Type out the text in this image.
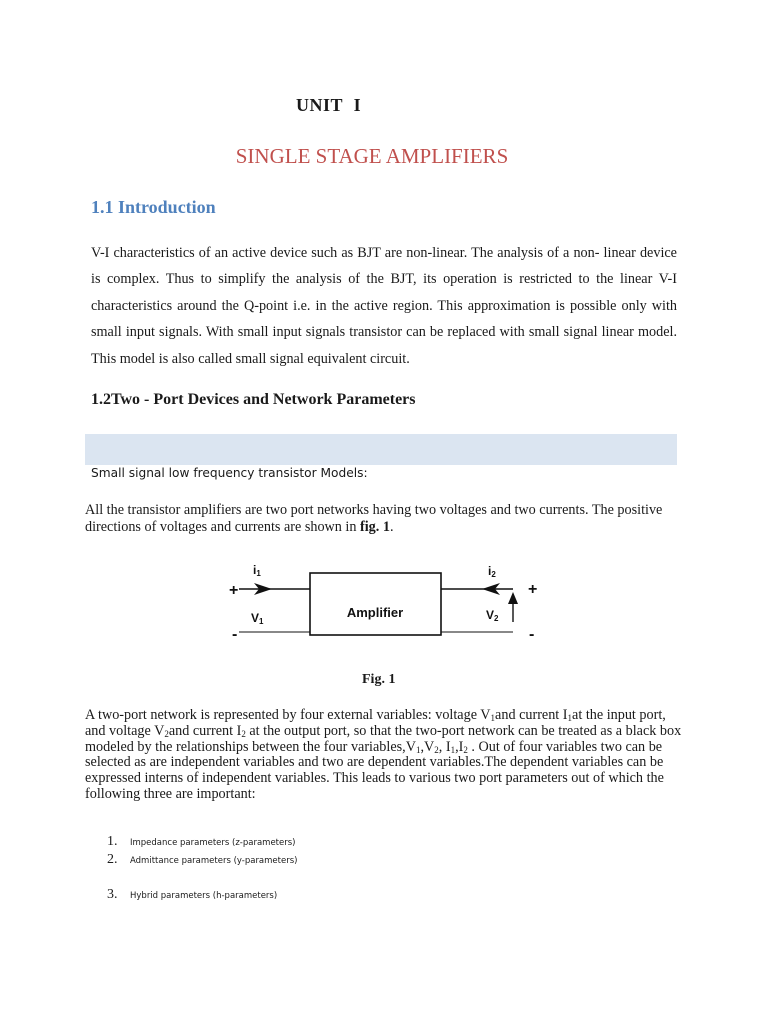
UNIT I
SINGLE STAGE AMPLIFIERS
1.1 Introduction

V-I characteristics of an active device such as BJT are non-linear. The analysis of a non- linear device is complex. Thus to simplify the analysis of the BJT, its operation is restricted to the linear V-I characteristics around the Q-point i.e. in the active region. This approximation is possible only with small input signals. With small input signals transistor can be replaced with small signal linear model. This model is also called small signal equivalent circuit.

1.2Two - Port Devices and Network Parameters

Small signal low frequency transistor Models:

All the transistor amplifiers are two port networks having two voltages and two currents. The positive directions of voltages and currents are shown in fig. 1.

Amplifier
+
-
i1
V1
+
-
i2
V2

Fig. 1

A two-port network is represented by four external variables: voltage $V_1and$ current $I_1at$ the input port, and voltage $V_2and$ current $I_2$ at the output port, so that the two-port network can be treated as a black box modeled by the relationships between the four $variables,V_1,V_2$, $I_1,I_2$ . Out of four variables two can be selected as are independent variables and two are dependent variables.The dependent variables can be expressed interns of independent variables. This leads to various two port parameters out of which the following three are important:

1.	Impedance parameters (z-parameters)
2.	Admittance parameters (y-parameters)
3.	Hybrid parameters (h-parameters)
